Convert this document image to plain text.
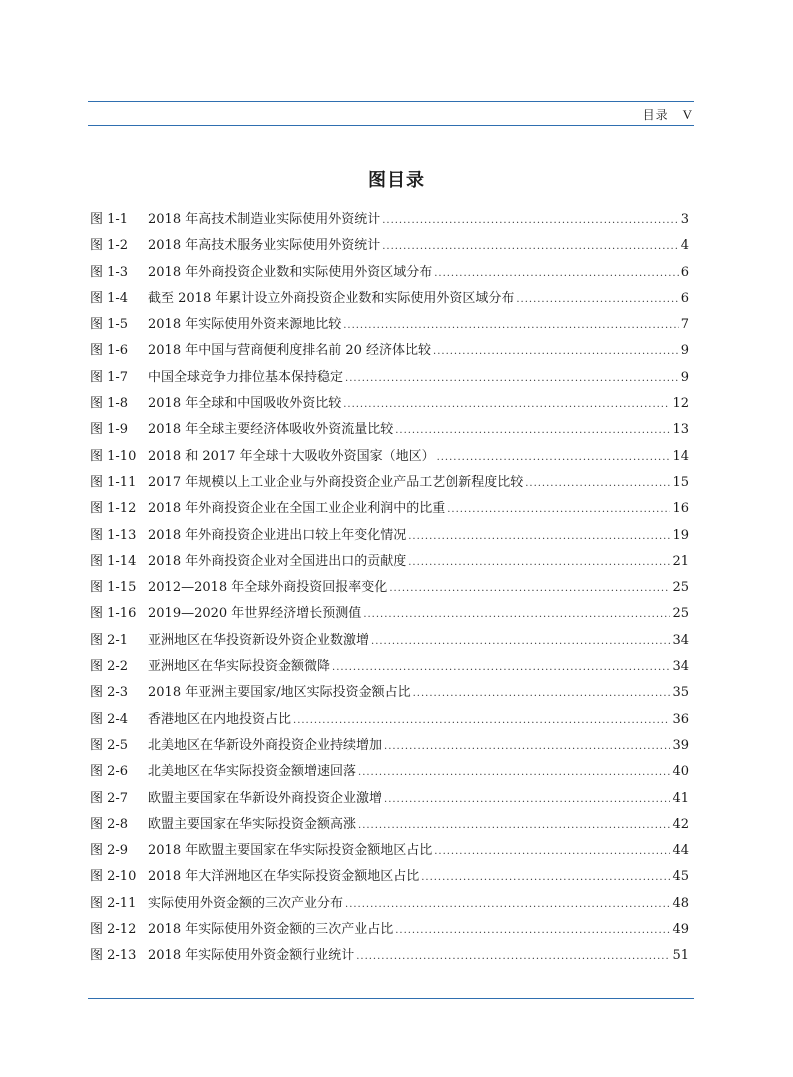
目录 V
图目录
图 1-1	2018 年高技术制造业实际使用外资统计 .....	3
图 1-2	2018 年高技术服务业实际使用外资统计 .....	4
图 1-3	2018 年外商投资企业数和实际使用外资区域分布 .....	6
图 1-4	截至 2018 年累计设立外商投资企业数和实际使用外资区域分布 .....	6
图 1-5	2018 年实际使用外资来源地比较 .....	7
图 1-6	2018 年中国与营商便利度排名前 20 经济体比较 .....	9
图 1-7	中国全球竞争力排位基本保持稳定 .....	9
图 1-8	2018 年全球和中国吸收外资比较 .....	12
图 1-9	2018 年全球主要经济体吸收外资流量比较 .....	13
图 1-10 2018 和 2017 年全球十大吸收外资国家（地区） .....	14
图 1-11 2017 年规模以上工业企业与外商投资企业产品工艺创新程度比较 .....	15
图 1-12 2018 年外商投资企业在全国工业企业利润中的比重 .....	16
图 1-13 2018 年外商投资企业进出口较上年变化情况 .....	19
图 1-14 2018 年外商投资企业对全国进出口的贡献度 .....	21
图 1-15 2012—2018 年全球外商投资回报率变化 .....	25
图 1-16 2019—2020 年世界经济增长预测值 .....	25
图 2-1	亚洲地区在华投资新设外资企业数激增 .....	34
图 2-2	亚洲地区在华实际投资金额微降 .....	34
图 2-3	2018 年亚洲主要国家/地区实际投资金额占比 .....	35
图 2-4	香港地区在内地投资占比 .....	36
图 2-5	北美地区在华新设外商投资企业持续增加 .....	39
图 2-6	北美地区在华实际投资金额增速回落 .....	40
图 2-7	欧盟主要国家在华新设外商投资企业激增 .....	41
图 2-8	欧盟主要国家在华实际投资金额高涨 .....	42
图 2-9	2018 年欧盟主要国家在华实际投资金额地区占比 .....	44
图 2-10 2018 年大洋洲地区在华实际投资金额地区占比 .....	45
图 2-11 实际使用外资金额的三次产业分布 .....	48
图 2-12 2018 年实际使用外资金额的三次产业占比 .....	49
图 2-13 2018 年实际使用外资金额行业统计 .....	51
